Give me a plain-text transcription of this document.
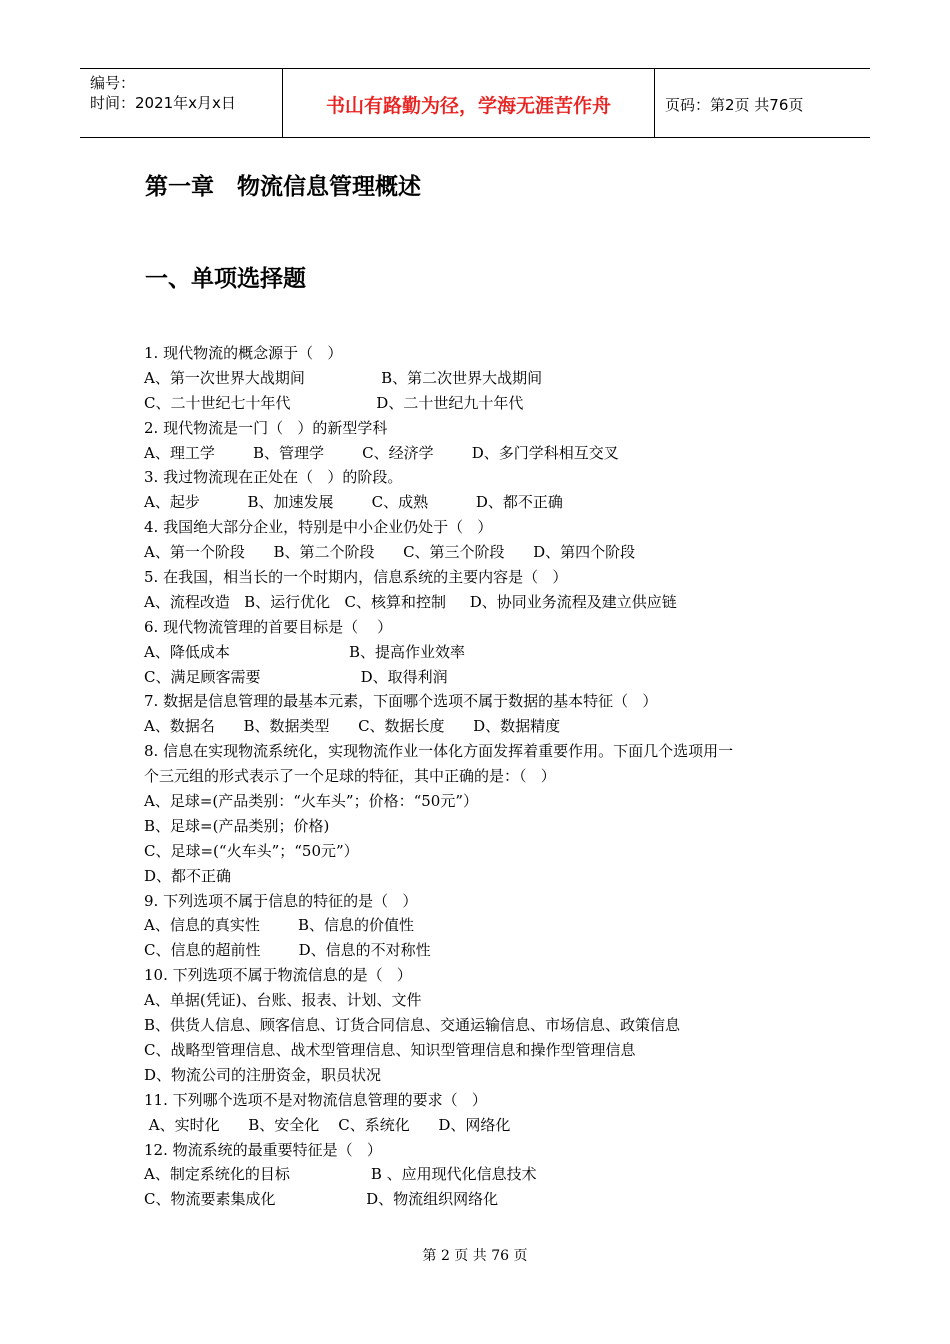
编号：
时间：2021年x月x日	书山有路勤为径，学海无涯苦作舟	页码：第2页 共76页
第一章　物流信息管理概述
一、单项选择题
1. 现代物流的概念源于（   ）
A、第一次世界大战期间                B、第二次世界大战期间
C、二十世纪七十年代                  D、二十世纪九十年代
2. 现代物流是一门（   ）的新型学科
A、理工学        B、管理学        C、经济学        D、多门学科相互交叉
3. 我过物流现在正处在（   ）的阶段。
A、起步          B、加速发展        C、成熟          D、都不正确
4. 我国绝大部分企业，特别是中小企业仍处于（   ）
A、第一个阶段      B、第二个阶段      C、第三个阶段      D、第四个阶段
5. 在我国，相当长的一个时期内，信息系统的主要内容是（   ）
A、流程改造   B、运行优化   C、核算和控制     D、协同业务流程及建立供应链
6. 现代物流管理的首要目标是（    ）
A、降低成本                         B、提高作业效率
C、满足顾客需要                     D、取得利润
7. 数据是信息管理的最基本元素，下面哪个选项不属于数据的基本特征（   ）
A、数据名      B、数据类型      C、数据长度      D、数据精度
8. 信息在实现物流系统化，实现物流作业一体化方面发挥着重要作用。下面几个选项用一
个三元组的形式表示了一个足球的特征，其中正确的是：（   ）
A、足球=(产品类别：“火车头”；价格：“50元”）
B、足球=(产品类别；价格)
C、足球=(“火车头”；“50元”）
D、都不正确
9. 下列选项不属于信息的特征的是（   ）
A、信息的真实性        B、信息的价值性
C、信息的超前性        D、信息的不对称性
10. 下列选项不属于物流信息的是（   ）
A、单据(凭证)、台账、报表、计划、文件
B、供货人信息、顾客信息、订货合同信息、交通运输信息、市场信息、政策信息
C、战略型管理信息、战术型管理信息、知识型管理信息和操作型管理信息
D、物流公司的注册资金，职员状况
11. 下列哪个选项不是对物流信息管理的要求（   ）
A、实时化      B、安全化    C、系统化      D、网络化
12. 物流系统的最重要特征是（   ）
A、制定系统化的目标                 B 、应用现代化信息技术
C、物流要素集成化                   D、物流组织网络化
第 2 页 共 76 页
